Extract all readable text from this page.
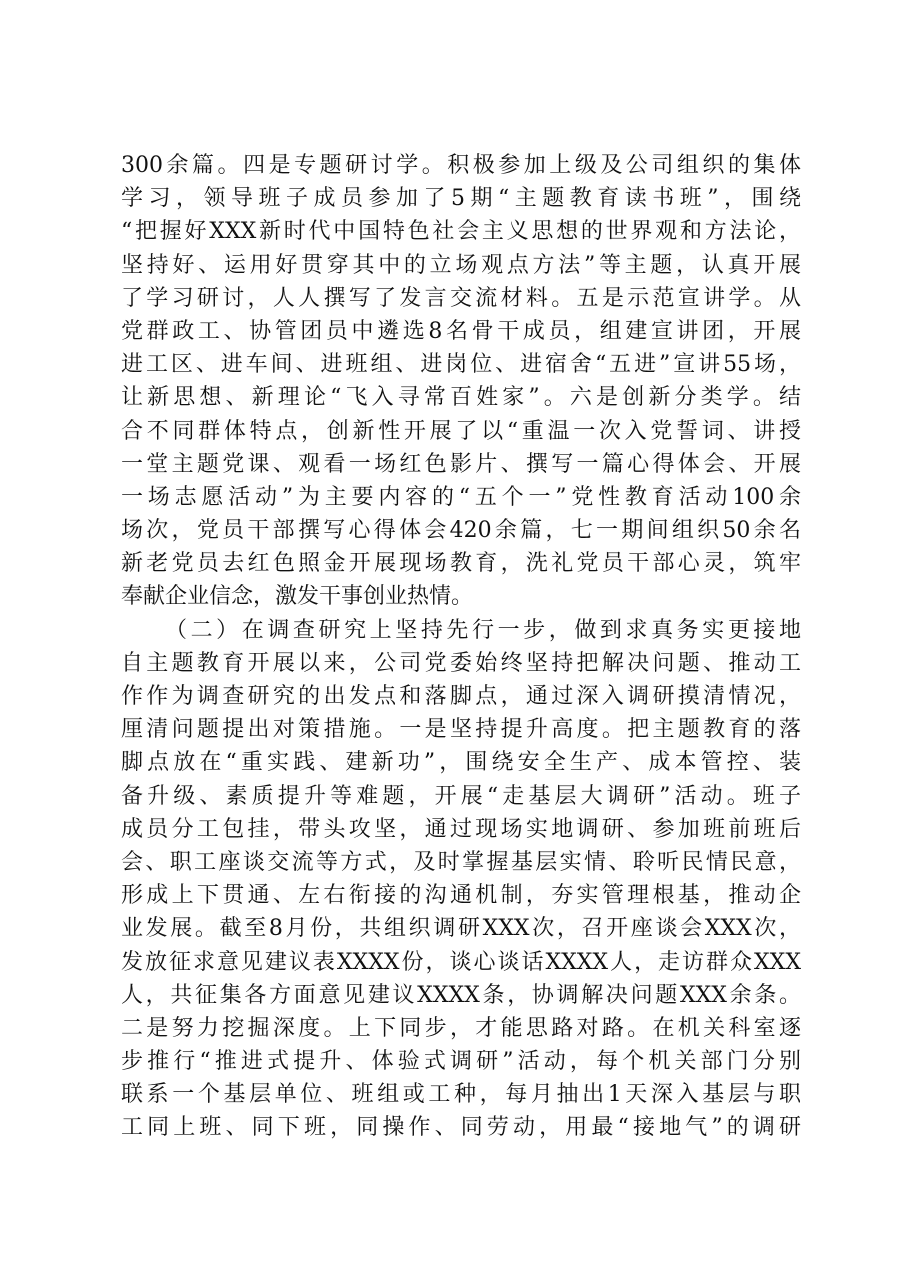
300余篇。四是专题研讨学。积极参加上级及公司组织的集体
学习，领导班子成员参加了5期“主题教育读书班”，围绕
“把握好XXX新时代中国特色社会主义思想的世界观和方法论，
坚持好、运用好贯穿其中的立场观点方法”等主题，认真开展
了学习研讨，人人撰写了发言交流材料。五是示范宣讲学。从
党群政工、协管团员中遴选8名骨干成员，组建宣讲团，开展
进工区、进车间、进班组、进岗位、进宿舍“五进”宣讲55场，
让新思想、新理论“飞入寻常百姓家”。六是创新分类学。结
合不同群体特点，创新性开展了以“重温一次入党誓词、讲授
一堂主题党课、观看一场红色影片、撰写一篇心得体会、开展
一场志愿活动”为主要内容的“五个一”党性教育活动100余
场次，党员干部撰写心得体会420余篇，七一期间组织50余名
新老党员去红色照金开展现场教育，洗礼党员干部心灵，筑牢
奉献企业信念，激发干事创业热情。
（二）在调查研究上坚持先行一步，做到求真务实更接地
自主题教育开展以来，公司党委始终坚持把解决问题、推动工
作作为调查研究的出发点和落脚点，通过深入调研摸清情况，
厘清问题提出对策措施。一是坚持提升高度。把主题教育的落
脚点放在“重实践、建新功”，围绕安全生产、成本管控、装
备升级、素质提升等难题，开展“走基层大调研”活动。班子
成员分工包挂，带头攻坚，通过现场实地调研、参加班前班后
会、职工座谈交流等方式，及时掌握基层实情、聆听民情民意，
形成上下贯通、左右衔接的沟通机制，夯实管理根基，推动企
业发展。截至8月份，共组织调研XXX次，召开座谈会XXX次，
发放征求意见建议表XXXX份，谈心谈话XXXX人，走访群众XXX
人，共征集各方面意见建议XXXX条，协调解决问题XXX余条。
二是努力挖掘深度。上下同步，才能思路对路。在机关科室逐
步推行“推进式提升、体验式调研”活动，每个机关部门分别
联系一个基层单位、班组或工种，每月抽出1天深入基层与职
工同上班、同下班，同操作、同劳动，用最“接地气”的调研
